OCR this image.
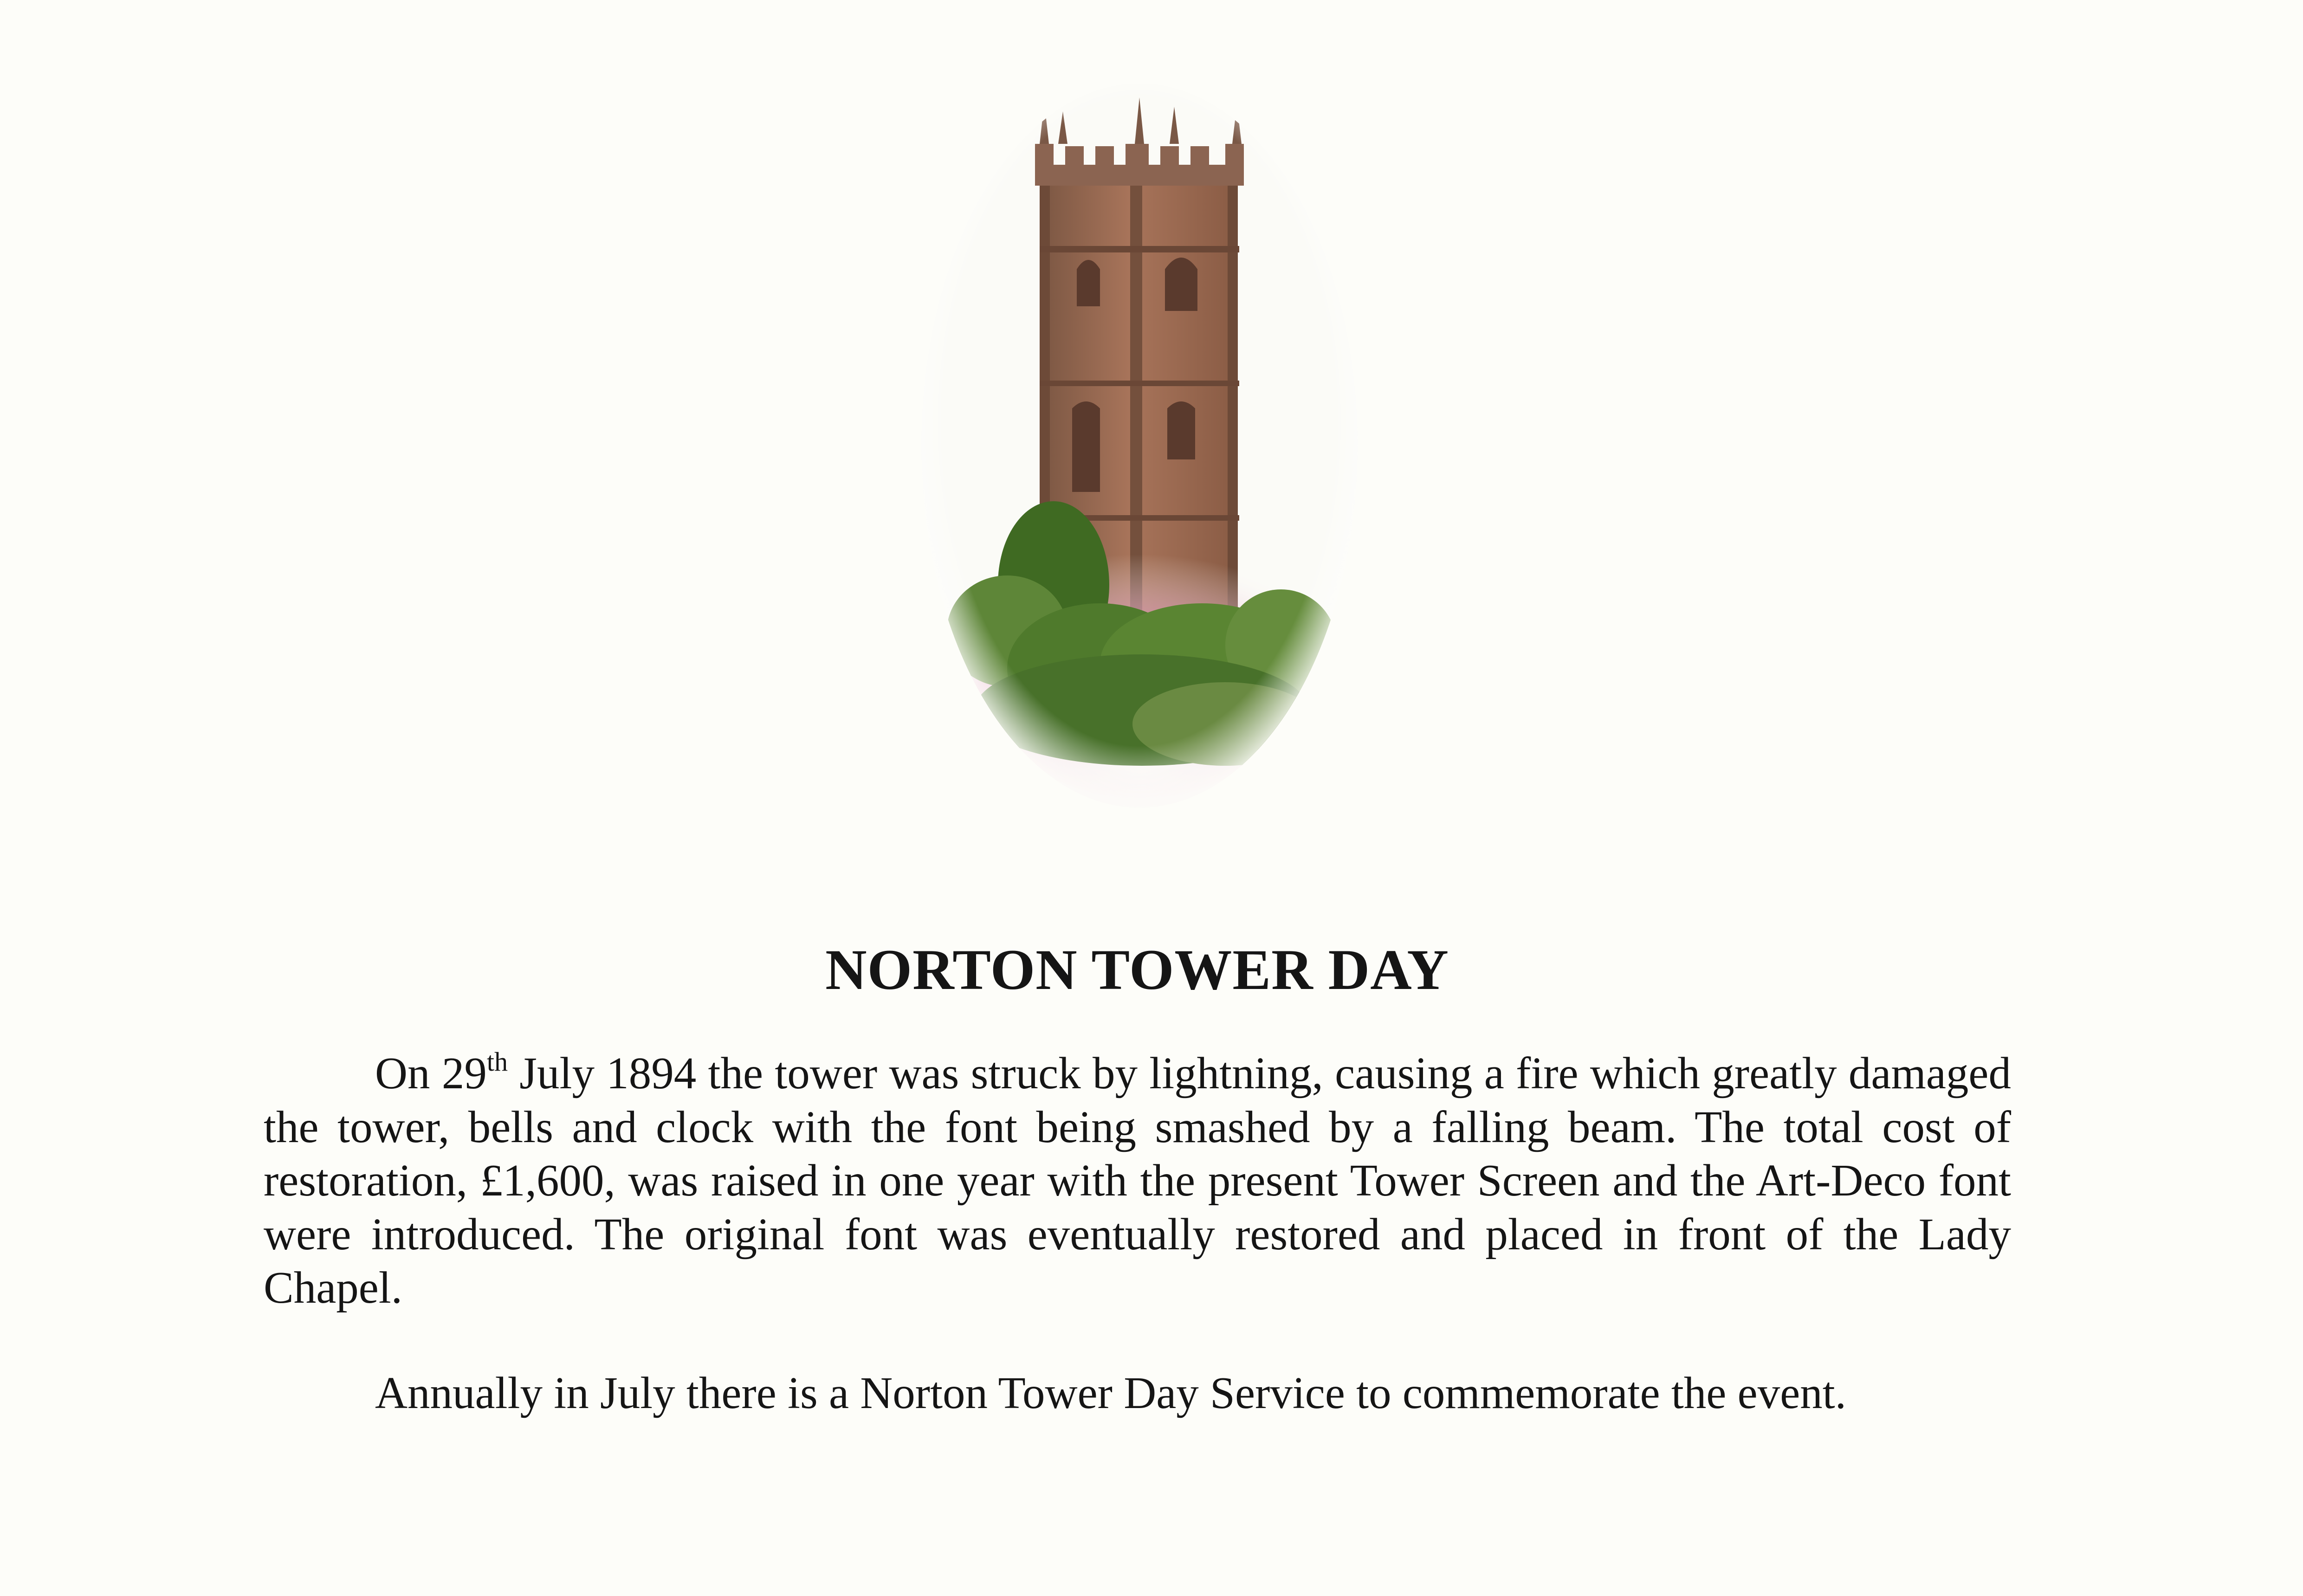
NORTON TOWER DAY

On 29th July 1894 the tower was struck by lightning, causing a fire which greatly damaged the tower, bells and clock with the font being smashed by a falling beam. The total cost of restoration, £1,600, was raised in one year with the present Tower Screen and the Art-Deco font were introduced. The original font was eventually restored and placed in front of the Lady Chapel.

Annually in July there is a Norton Tower Day Service to commemorate the event.
